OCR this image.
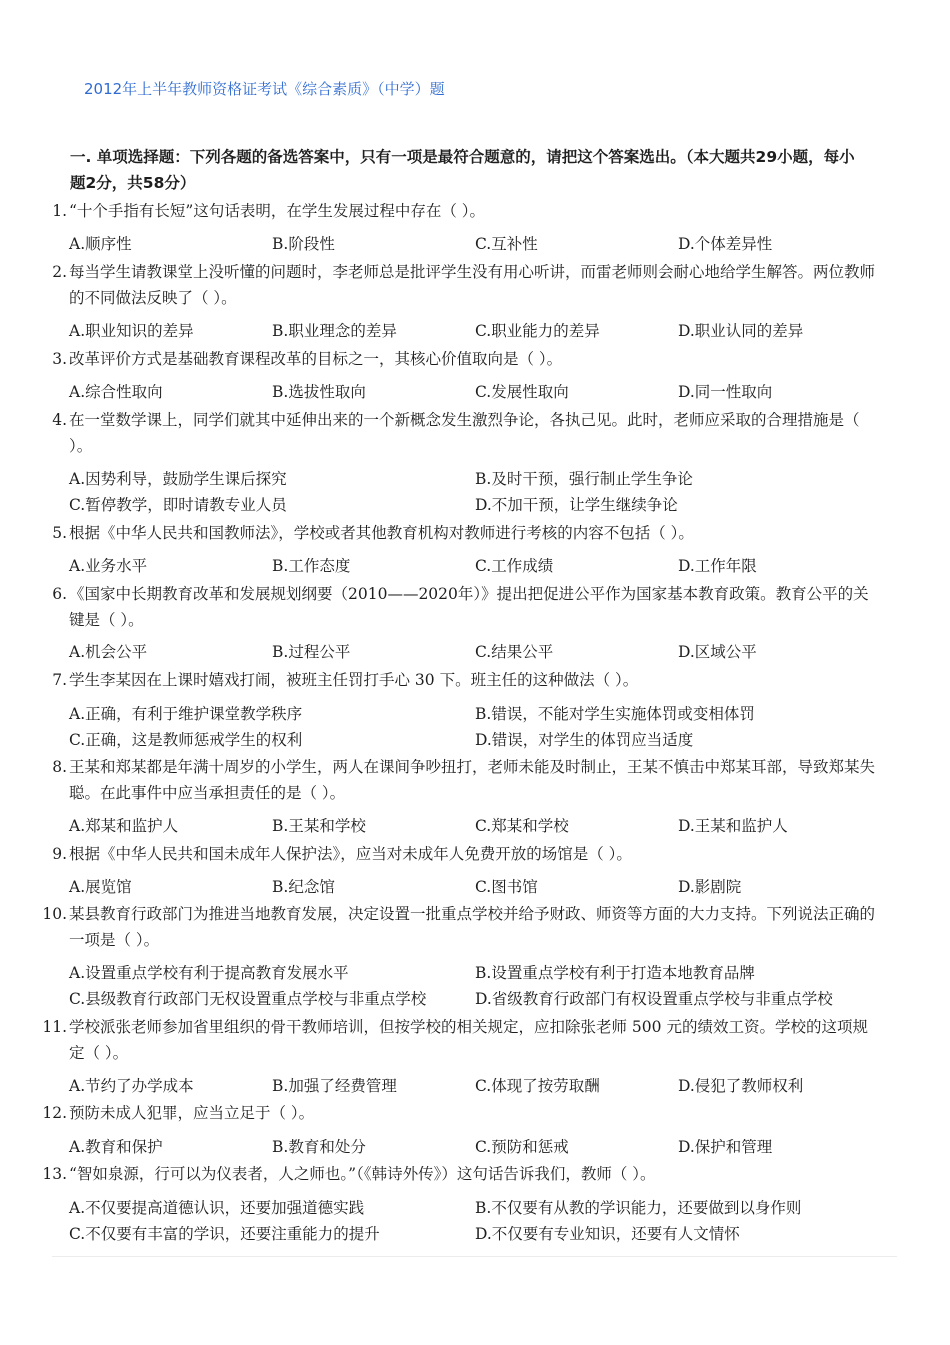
2012年上半年教师资格证考试《综合素质》（中学）题

一. 单项选择题：下列各题的备选答案中，只有一项是最符合题意的，请把这个答案选出。（本大题共29小题，每小题2分，共58分）

1. “十个手指有长短”这句话表明，在学生发展过程中存在（ ）。

A.顺序性	B.阶段性	C.互补性	D.个体差异性
2. 每当学生请教课堂上没听懂的问题时，李老师总是批评学生没有用心听讲，而雷老师则会耐心地给学生解答。两位教师的不同做法反映了（ ）。

A.职业知识的差异	B.职业理念的差异	C.职业能力的差异	D.职业认同的差异
3. 改革评价方式是基础教育课程改革的目标之一，其核心价值取向是（ ）。

A.综合性取向	B.选拔性取向	C.发展性取向	D.同一性取向
4. 在一堂数学课上，同学们就其中延伸出来的一个新概念发生激烈争论，各执己见。此时，老师应采取的合理措施是（ ）。

A.因势利导，鼓励学生课后探究	B.及时干预，强行制止学生争论
C.暂停教学，即时请教专业人员	D.不加干预，让学生继续争论
5. 根据《中华人民共和国教师法》，学校或者其他教育机构对教师进行考核的内容不包括（ ）。

A.业务水平	B.工作态度	C.工作成绩	D.工作年限
6. 《国家中长期教育改革和发展规划纲要（2010——2020年）》提出把促进公平作为国家基本教育政策。教育公平的关键是（ ）。

A.机会公平	B.过程公平	C.结果公平	D.区域公平
7. 学生李某因在上课时嬉戏打闹，被班主任罚打手心 30 下。班主任的这种做法（ ）。

A.正确，有利于维护课堂教学秩序	B.错误，不能对学生实施体罚或变相体罚
C.正确，这是教师惩戒学生的权利	D.错误，对学生的体罚应当适度
8. 王某和郑某都是年满十周岁的小学生，两人在课间争吵扭打，老师未能及时制止，王某不慎击中郑某耳部，导致郑某失聪。在此事件中应当承担责任的是（ ）。

A.郑某和监护人	B.王某和学校	C.郑某和学校	D.王某和监护人
9. 根据《中华人民共和国未成年人保护法》，应当对未成年人免费开放的场馆是（ ）。

A.展览馆	B.纪念馆	C.图书馆	D.影剧院
10. 某县教育行政部门为推进当地教育发展，决定设置一批重点学校并给予财政、师资等方面的大力支持。下列说法正确的一项是（ ）。

A.设置重点学校有利于提高教育发展水平	B.设置重点学校有利于打造本地教育品牌
C.县级教育行政部门无权设置重点学校与非重点学校	D.省级教育行政部门有权设置重点学校与非重点学校
11. 学校派张老师参加省里组织的骨干教师培训，但按学校的相关规定，应扣除张老师 500 元的绩效工资。学校的这项规定（ ）。

A.节约了办学成本	B.加强了经费管理	C.体现了按劳取酬	D.侵犯了教师权利
12. 预防未成人犯罪，应当立足于（ ）。

A.教育和保护	B.教育和处分	C.预防和惩戒	D.保护和管理
13. “智如泉源，行可以为仪表者，人之师也。”（《韩诗外传》）这句话告诉我们，教师（ ）。

A.不仅要提高道德认识，还要加强道德实践	B.不仅要有从教的学识能力，还要做到以身作则
C.不仅要有丰富的学识，还要注重能力的提升	D.不仅要有专业知识，还要有人文情怀
